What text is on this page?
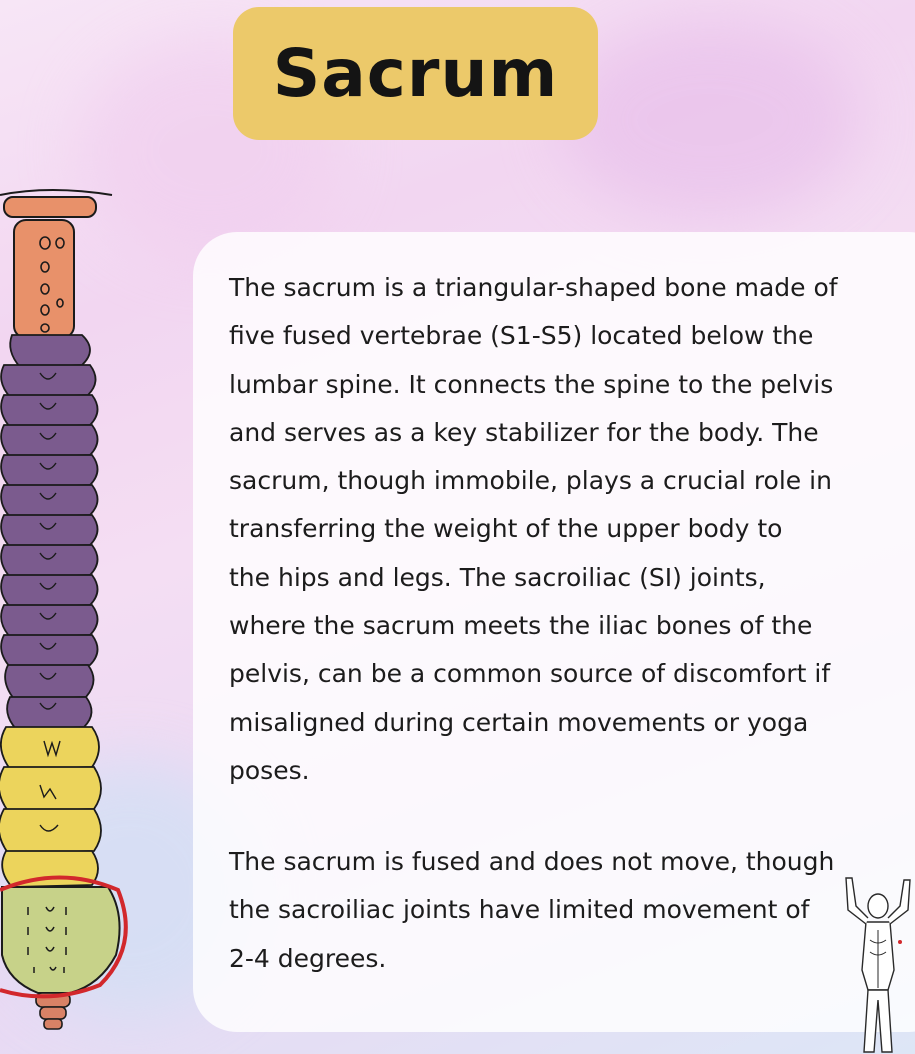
Sacrum

The sacrum is a triangular-shaped bone made of
five fused vertebrae (S1-S5) located below the
lumbar spine. It connects the spine to the pelvis
and serves as a key stabilizer for the body. The
sacrum, though immobile, plays a crucial role in
transferring the weight of the upper body to
the hips and legs. The sacroiliac (SI) joints,
where the sacrum meets the iliac bones of the
pelvis, can be a common source of discomfort if
misaligned during certain movements or yoga
poses.

The sacrum is fused and does not move, though
the sacroiliac joints have limited movement of
2-4 degrees.
